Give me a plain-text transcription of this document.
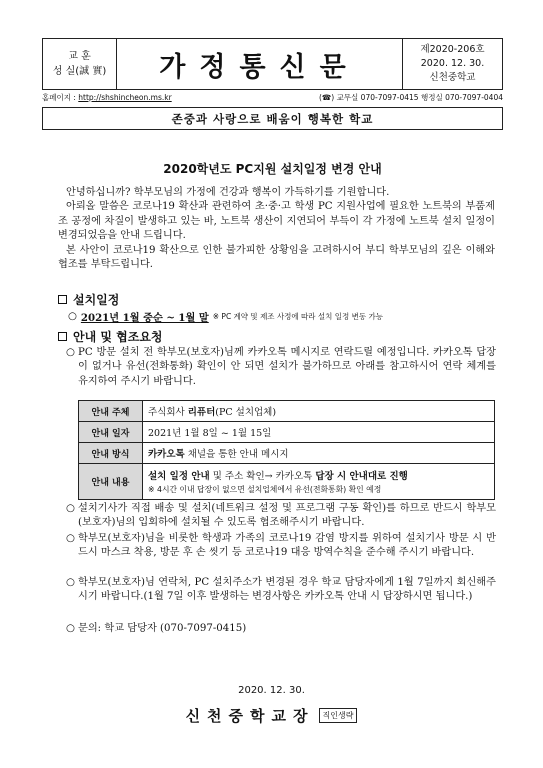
교 훈
성 실(誠 實)	가정통신문
제2020-206호
2020. 12. 30.
신천중학교
홈페이지 : http://shshincheon.ms.kr	(☎) 교무실 070-7097-0415 행정실 070-7097-0404
존중과 사랑으로 배움이 행복한 학교
2020학년도 PC지원 설치일정 변경 안내

안녕하십니까? 학부모님의 가정에 건강과 행복이 가득하기를 기원합니다.

아뢰올 말씀은 코로나19 확산과 관련하여 초·중·고 학생 PC 지원사업에 필요한 노트북의 부품제조 공정에 차질이 발생하고 있는 바, 노트북 생산이 지연되어 부득이 각 가정에 노트북 설치 일정이 변경되었음을 안내 드립니다.

본 사안이 코로나19 확산으로 인한 불가피한 상황임을 고려하시어 부디 학부모님의 깊은 이해와 협조를 부탁드립니다.

설치일정
○ 2021년 1월 중순 ~ 1월 말 ※ PC 계약 및 제조 사정에 따라 설치 일정 변동 가능
안내 및 협조요청
○ PC 방문 설치 전 학부모(보호자)님께 카카오톡 메시지로 연락드릴 예정입니다. 카카오톡 답장이 없거나 유선(전화통화) 확인이 안 되면 설치가 불가하므로 아래를 참고하시어 연락 체계를 유지하여 주시기 바랍니다.
안내 주체	주식회사 리퓨터(PC 설치업체)
안내 일자	2021년 1월 8일 ~ 1월 15일
안내 방식	카카오톡 채널을 통한 안내 메시지
안내 내용	설치 일정 안내 및 주소 확인→ 카카오톡 답장 시 안내대로 진행
※ 4시간 이내 답장이 없으면 설치업체에서 유선(전화통화) 확인 예정
○ 설치기사가 직접 배송 및 설치(네트워크 설정 및 프로그램 구동 확인)를 하므로 반드시 학부모(보호자)님의 입회하에 설치될 수 있도록 협조해주시기 바랍니다.
○ 학부모(보호자)님을 비롯한 학생과 가족의 코로나19 감염 방지를 위하여 설치기사 방문 시 반드시 마스크 착용, 방문 후 손 씻기 등 코로나19 대응 방역수칙을 준수해 주시기 바랍니다.
○ 학부모(보호자)님 연락처, PC 설치주소가 변경된 경우 학교 담당자에게 1월 7일까지 회신해주시기 바랍니다.(1월 7일 이후 발생하는 변경사항은 카카오톡 안내 시 답장하시면 됩니다.)
○ 문의: 학교 담당자 (070-7097-0415)
2020. 12. 30.
신천중학교장	직인생략
